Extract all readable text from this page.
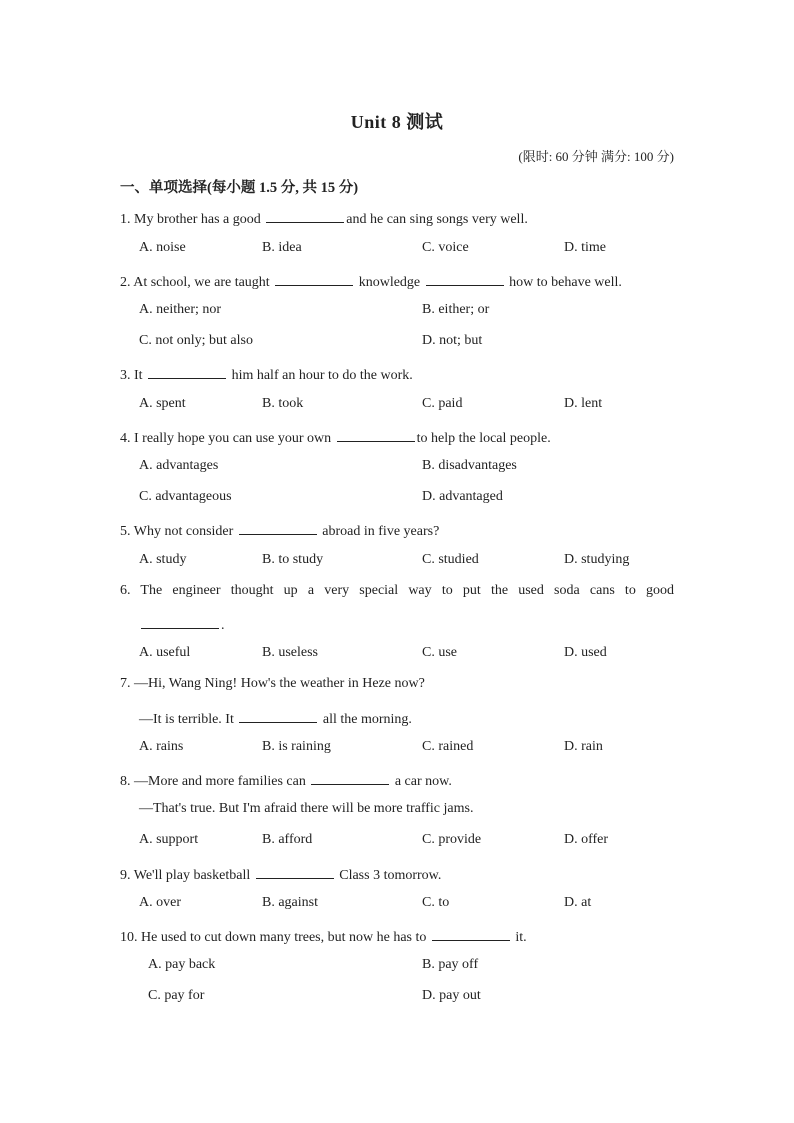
Unit 8 测试
(限时: 60 分钟 满分: 100 分)
一、单项选择(每小题 1.5 分, 共 15 分)
1. My brother has a good	and he can sing songs very well.
A. noise	B. idea	C. voice	D. time
2. At school, we are taught	knowledge	how to behave well.
A. neither; nor	B. either; or
C. not only; but also	D. not; but
3. It	him half an hour to do the work.
A. spent	B. took	C. paid	D. lent
4. I really hope you can use your own	to help the local people.
A. advantages	B. disadvantages
C. advantageous	D. advantaged
5. Why not consider	abroad in five years?
A. study	B. to study	C. studied	D. studying
6. The engineer thought up a very special way to put the used soda cans to good
.
A. useful	B. useless	C. use	D. used
7. —Hi, Wang Ning! How's the weather in Heze now?
—It is terrible. It	all the morning.
A. rains	B. is raining	C. rained	D. rain
8. —More and more families can	a car now.
—That's true. But I'm afraid there will be more traffic jams.
A. support	B. afford	C. provide	D. offer
9. We'll play basketball	Class 3 tomorrow.
A. over	B. against	C. to	D. at
10. He used to cut down many trees, but now he has to	it.
A. pay back	B. pay off
C. pay for	D. pay out
